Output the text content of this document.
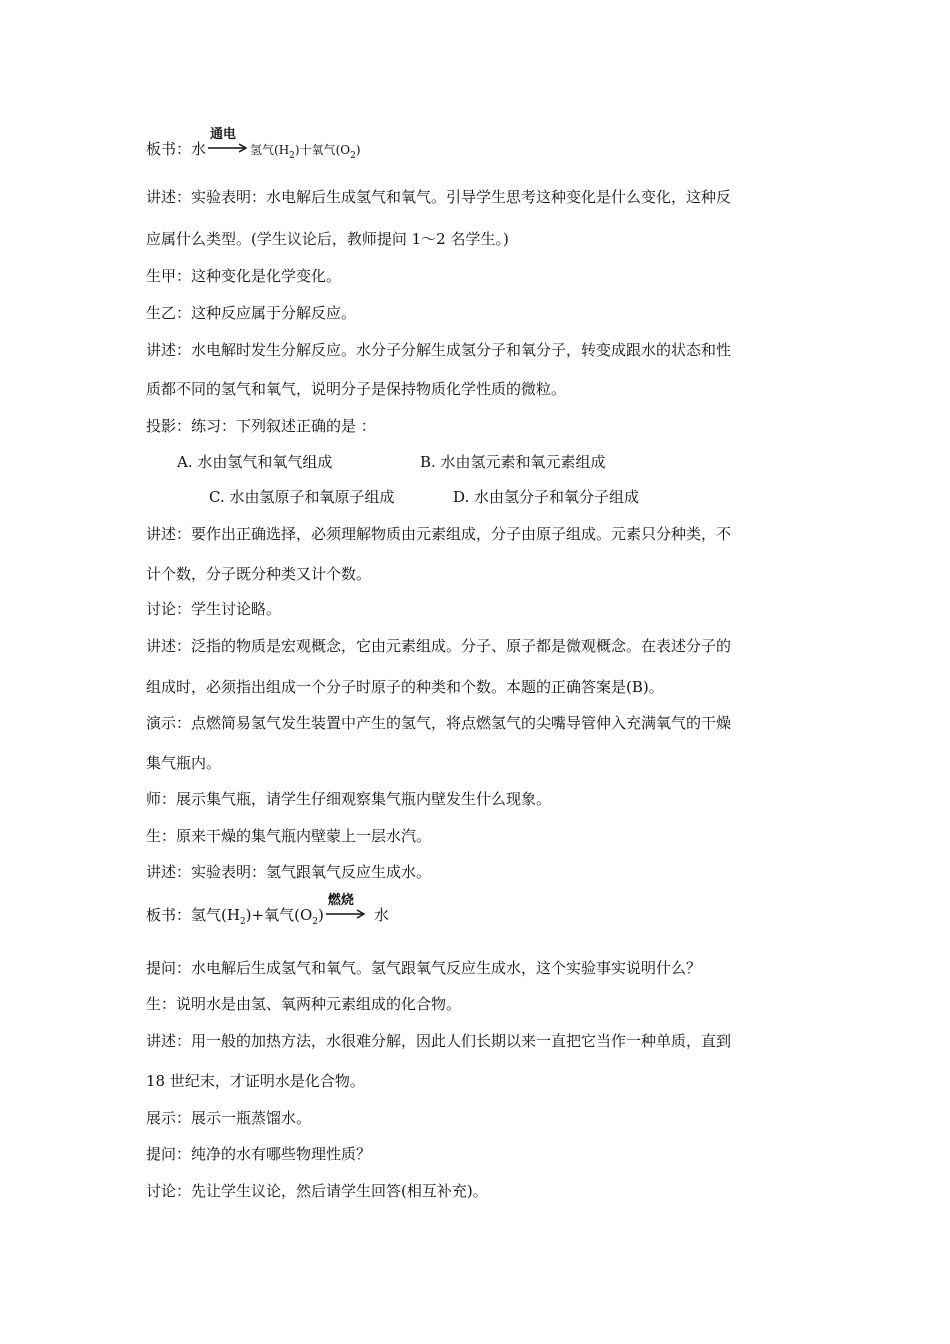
板书：水
通电
氢气$(H_2)$十氧气$(O_2)$
讲述：实验表明：水电解后生成氢气和氧气。引导学生思考这种变化是什么变化，这种反
应属什么类型。(学生议论后，教师提问 1～2 名学生。)
生甲：这种变化是化学变化。
生乙：这种反应属于分解反应。
讲述：水电解时发生分解反应。水分子分解生成氢分子和氧分子，转变成跟水的状态和性
质都不同的氢气和氧气，说明分子是保持物质化学性质的微粒。
投影：练习：下列叙述正确的是 ：
A. 水由氢气和氧气组成	B. 水由氢元素和氧元素组成
C. 水由氢原子和氧原子组成	D. 水由氢分子和氧分子组成
讲述：要作出正确选择，必须理解物质由元素组成，分子由原子组成。元素只分种类，不
计个数，分子既分种类又计个数。
讨论：学生讨论略。
讲述：泛指的物质是宏观概念，它由元素组成。分子、原子都是微观概念。在表述分子的
组成时，必须指出组成一个分子时原子的种类和个数。本题的正确答案是(B)。
演示：点燃简易氢气发生装置中产生的氢气，将点燃氢气的尖嘴导管伸入充满氧气的干燥
集气瓶内。
师：展示集气瓶，请学生仔细观察集气瓶内壁发生什么现象。
生：原来干燥的集气瓶内壁蒙上一层水汽。
讲述：实验表明：氢气跟氧气反应生成水。
板书：氢气$(H_2)+$氧气$(O_2)$
燃烧
水
提问：水电解后生成氢气和氧气。氢气跟氧气反应生成水，这个实验事实说明什么？
生：说明水是由氢、氧两种元素组成的化合物。
讲述：用一般的加热方法，水很难分解，因此人们长期以来一直把它当作一种单质，直到
18 世纪末，才证明水是化合物。
展示：展示一瓶蒸馏水。
提问：纯净的水有哪些物理性质？
讨论：先让学生议论，然后请学生回答(相互补充)。
